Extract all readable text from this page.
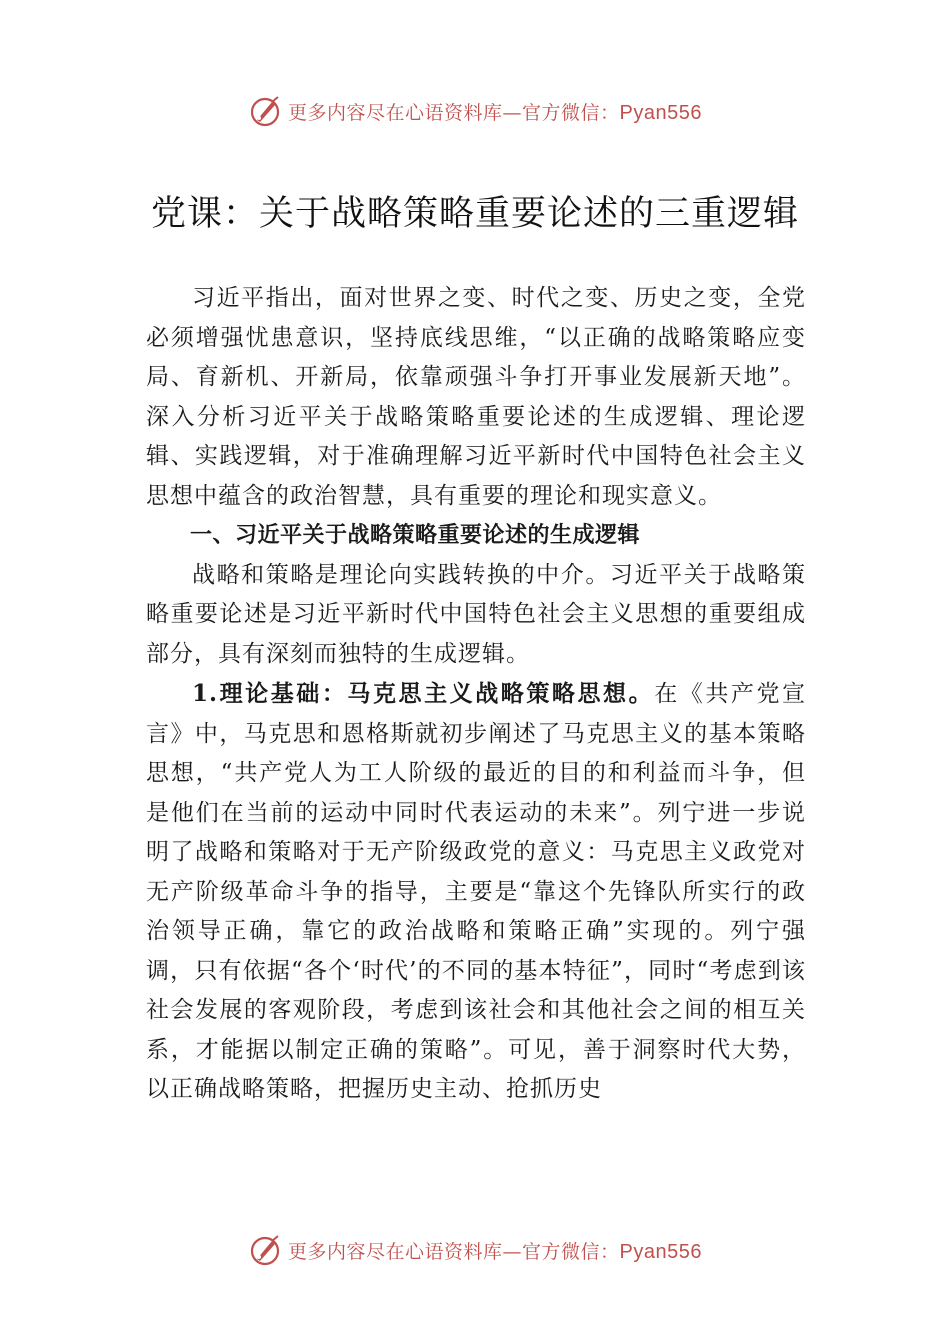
更多内容尽在心语资料库—官方微信：Pyan556
党课：关于战略策略重要论述的三重逻辑

习近平指出，面对世界之变、时代之变、历史之变，全党必须增强忧患意识，坚持底线思维，“以正确的战略策略应变局、育新机、开新局，依靠顽强斗争打开事业发展新天地”。深入分析习近平关于战略策略重要论述的生成逻辑、理论逻辑、实践逻辑，对于准确理解习近平新时代中国特色社会主义思想中蕴含的政治智慧，具有重要的理论和现实意义。

一、习近平关于战略策略重要论述的生成逻辑

战略和策略是理论向实践转换的中介。习近平关于战略策略重要论述是习近平新时代中国特色社会主义思想的重要组成部分，具有深刻而独特的生成逻辑。

1.理论基础：马克思主义战略策略思想。在《共产党宣言》中，马克思和恩格斯就初步阐述了马克思主义的基本策略思想，“共产党人为工人阶级的最近的目的和利益而斗争，但是他们在当前的运动中同时代表运动的未来”。列宁进一步说明了战略和策略对于无产阶级政党的意义：马克思主义政党对无产阶级革命斗争的指导，主要是“靠这个先锋队所实行的政治领导正确，靠它的政治战略和策略正确”实现的。列宁强调，只有依据“各个‘时代’的不同的基本特征”，同时“考虑到该社会发展的客观阶段，考虑到该社会和其他社会之间的相互关系，才能据以制定正确的策略”。可见，善于洞察时代大势，以正确战略策略，把握历史主动、抢抓历史

更多内容尽在心语资料库—官方微信：Pyan556
